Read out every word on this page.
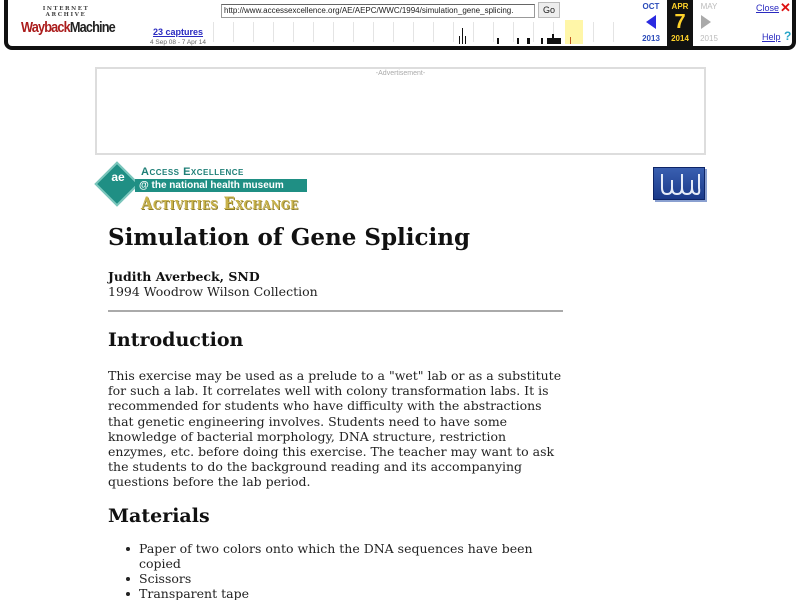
INTERNET ARCHIVE
WaybackMachine	23 captures
4 Sep 08 - 7 Apr 14
http://www.accessexcellence.org/AE/AEPC/WWC/1994/simulation_gene_splicing.	Go	OCT
2013
APR
7
2014
MAY
2015
Close ✕
Help ?
-Advertisement-
ae Access Excellence
@ the national health museum
Activities Exchange
Simulation of Gene Splicing
Judith Averbeck, SND
1994 Woodrow Wilson Collection
Introduction

This exercise may be used as a prelude to a "wet" lab or as a substitute for such a lab. It correlates well with colony transformation labs. It is recommended for students who have difficulty with the abstractions that genetic engineering involves. Students need to have some knowledge of bacterial morphology, DNA structure, restriction enzymes, etc. before doing this exercise. The teacher may want to ask the students to do the background reading and its accompanying questions before the lab period.

Materials
Paper of two colors onto which the DNA sequences have been copied
Scissors
Transparent tape
